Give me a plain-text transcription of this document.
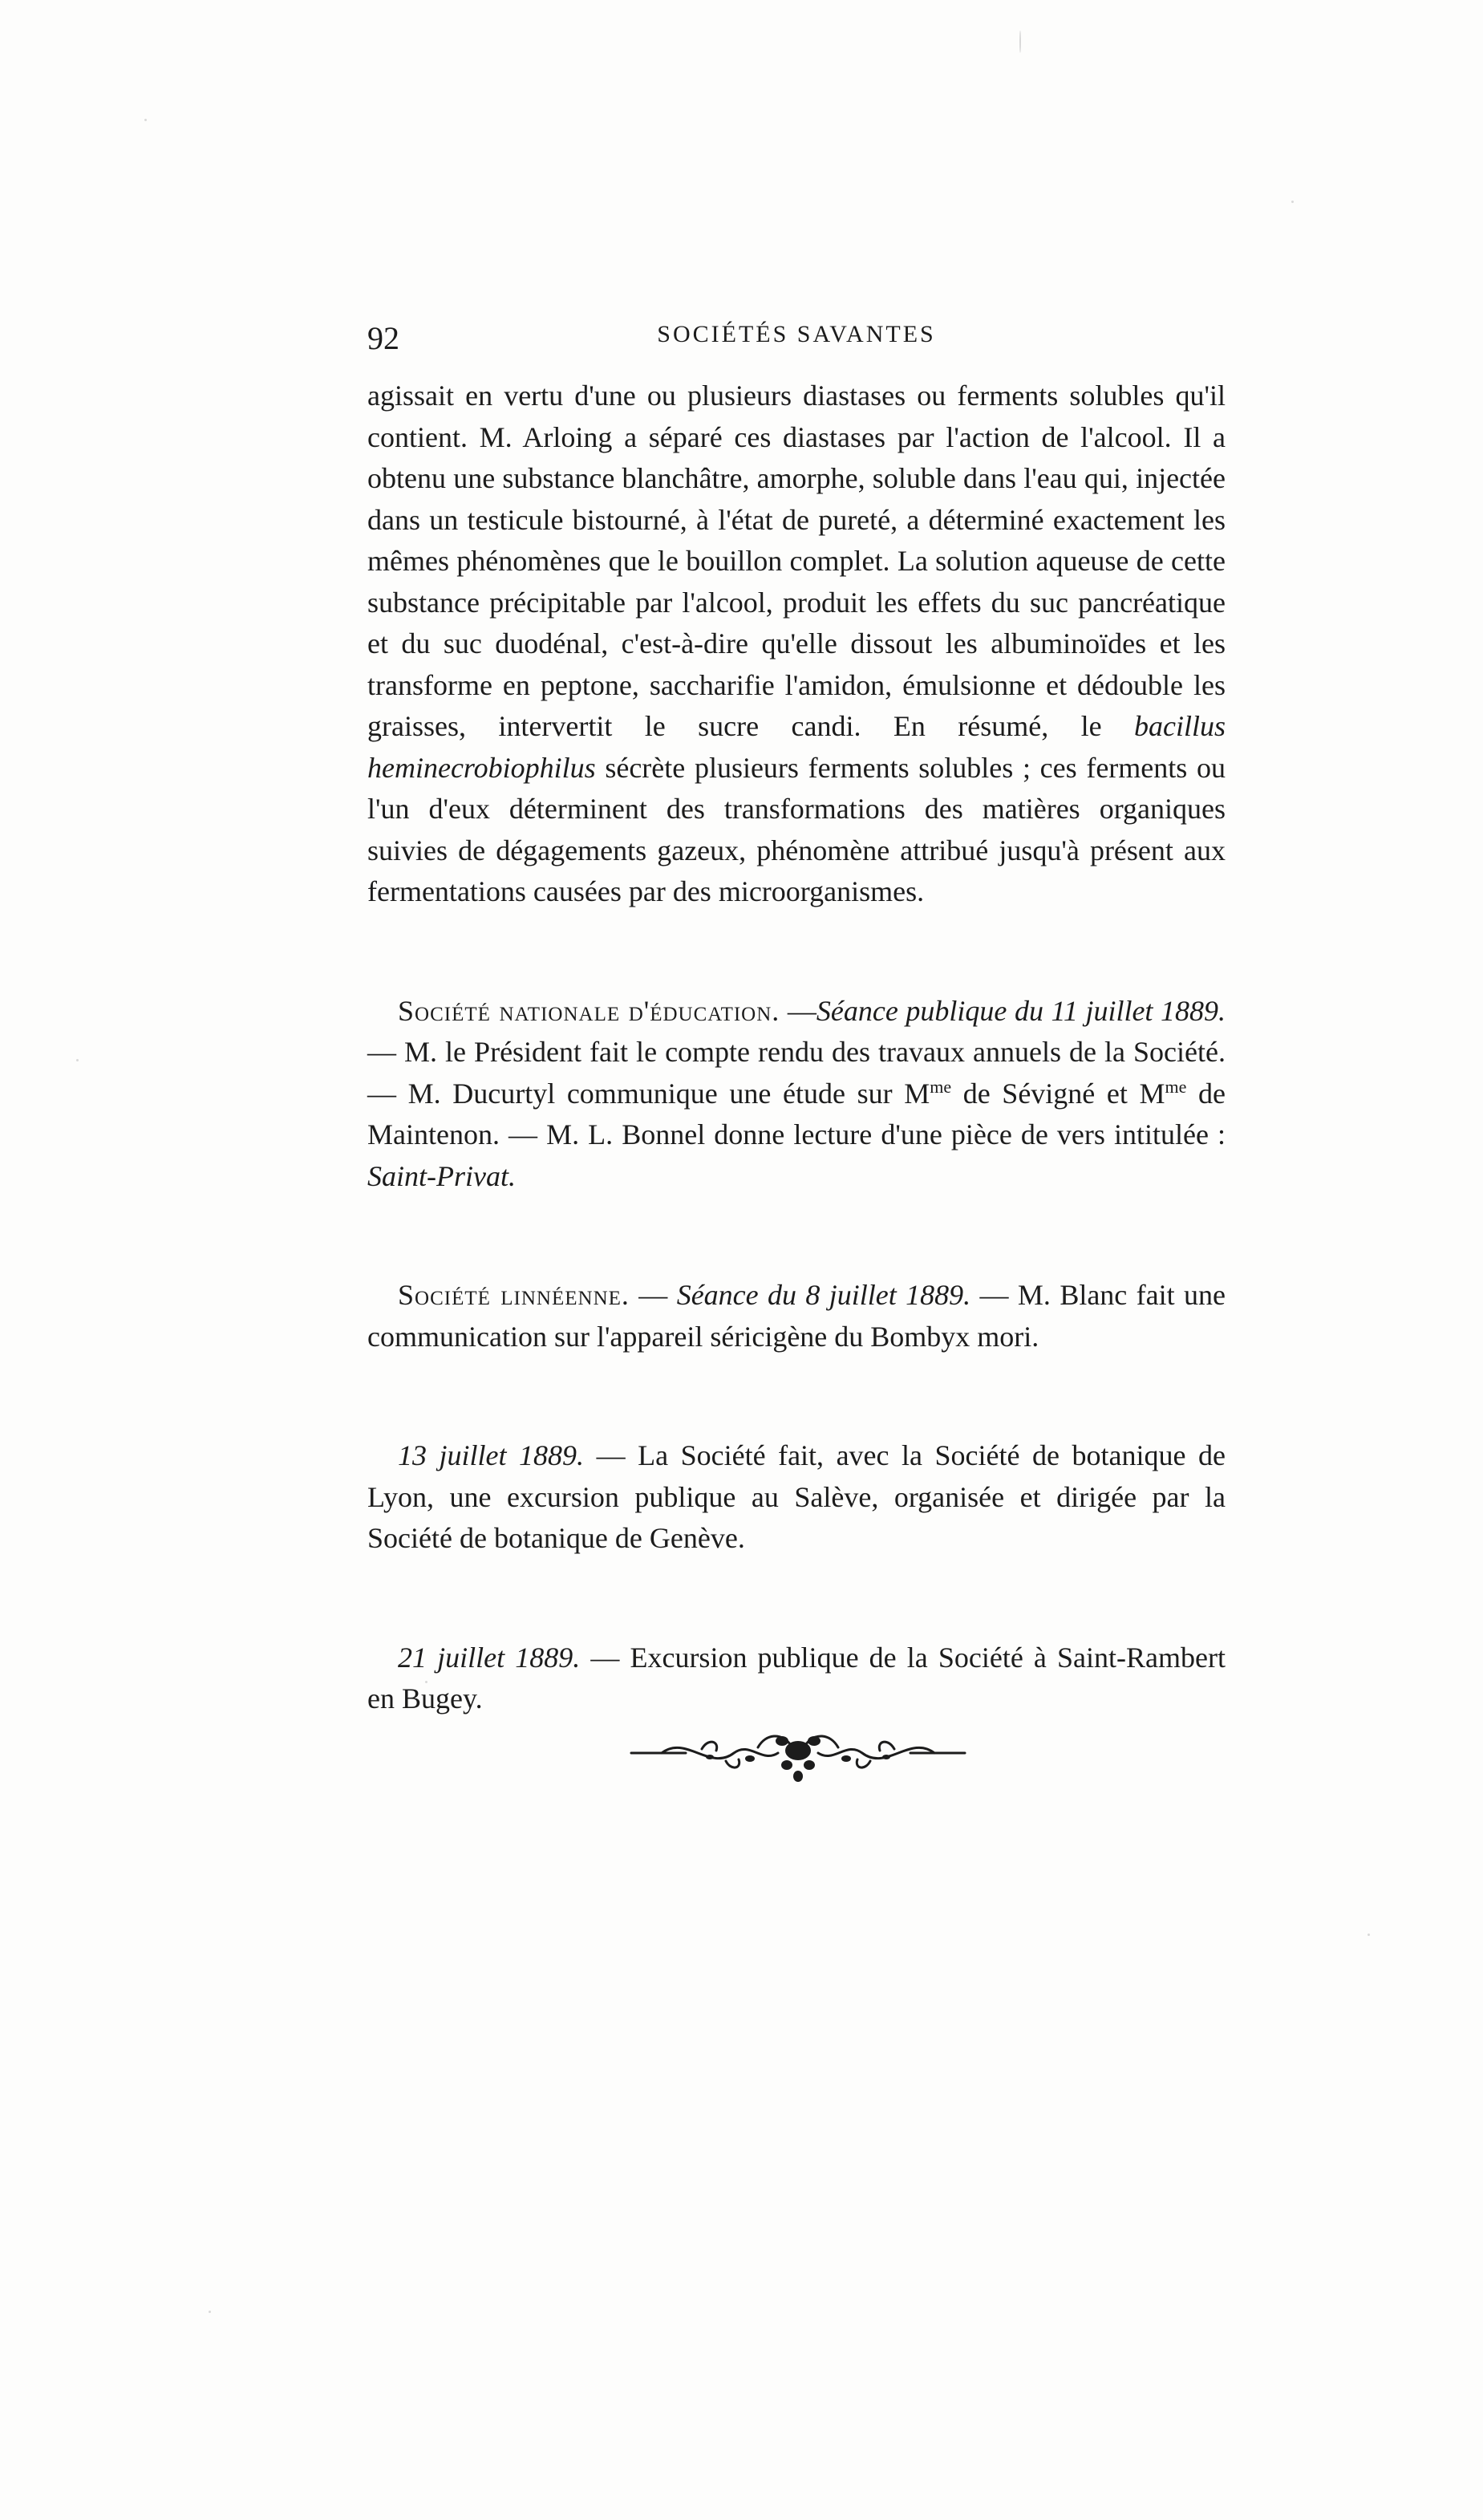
92	SOCIÉTÉS SAVANTES

agissait en vertu d'une ou plusieurs diastases ou ferments solubles qu'il contient. M. Arloing a séparé ces diastases par l'action de l'alcool. Il a obtenu une substance blanchâtre, amorphe, soluble dans l'eau qui, injectée dans un testicule bistourné, à l'état de pureté, a déterminé exactement les mêmes phénomènes que le bouillon complet. La solution aqueuse de cette substance précipitable par l'alcool, produit les effets du suc pancréatique et du suc duodénal, c'est-à-dire qu'elle dissout les albuminoïdes et les transforme en peptone, saccharifie l'amidon, émulsionne et dédouble les graisses, intervertit le sucre candi. En résumé, le bacillus heminecrobiophilus sécrète plusieurs ferments solubles ; ces ferments ou l'un d'eux déterminent des transformations des matières organiques suivies de dégagements gazeux, phénomène attribué jusqu'à présent aux fermentations causées par des microorganismes.

Société nationale d'éducation. —Séance publique du 11 juillet 1889. — M. le Président fait le compte rendu des travaux annuels de la Société. — M. Ducurtyl communique une étude sur $M^{me}$ de Sévigné et $M^{me}$ de Maintenon. — M. L. Bonnel donne lecture d'une pièce de vers intitulée : Saint-Privat.

Société linnéenne. — Séance du 8 juillet 1889. — M. Blanc fait une communication sur l'appareil séricigène du Bombyx mori.

13 juillet 1889. — La Société fait, avec la Société de botanique de Lyon, une excursion publique au Salève, organisée et dirigée par la Société de botanique de Genève.

21 juillet 1889. — Excursion publique de la Société à Saint-Rambert en Bugey.
